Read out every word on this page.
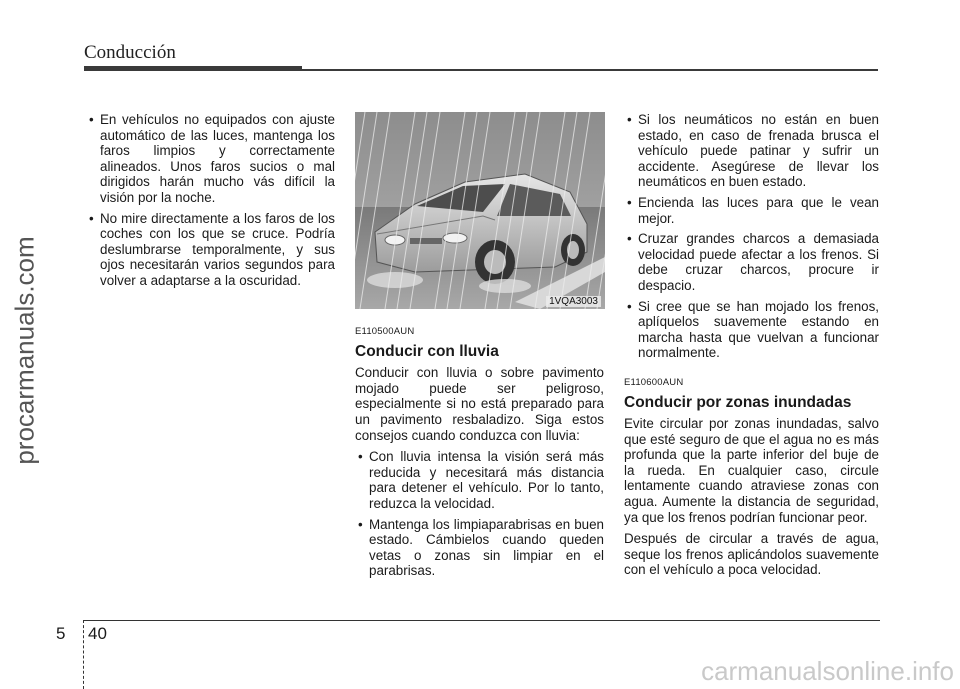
Conducción
procarmanuals.com
• En vehículos no equipados con ajuste automático de las luces, mantenga los faros limpios y correctamente alineados. Unos faros sucios o mal dirigidos harán mucho vás difícil la visión por la noche.
• No mire directamente a los faros de los coches con los que se cruce. Podría deslumbrarse temporalmente, y sus ojos necesitarán varios segundos para volver a adaptarse a la oscuridad.
1VQA3003
E110500AUN
Conducir con lluvia

Conducir con lluvia o sobre pavimento mojado puede ser peligroso, especialmente si no está preparado para un pavimento resbaladizo. Siga estos consejos cuando conduzca con lluvia:

• Con lluvia intensa la visión será más reducida y necesitará más distancia para detener el vehículo. Por lo tanto, reduzca la velocidad.
• Mantenga los limpiaparabrisas en buen estado. Cámbielos cuando queden vetas o zonas sin limpiar en el parabrisas.
• Si los neumáticos no están en buen estado, en caso de frenada brusca el vehículo puede patinar y sufrir un accidente. Asegúrese de llevar los neumáticos en buen estado.
• Encienda las luces para que le vean mejor.
• Cruzar grandes charcos a demasiada velocidad puede afectar a los frenos. Si debe cruzar charcos, procure ir despacio.
• Si cree que se han mojado los frenos, aplíquelos suavemente estando en marcha hasta que vuelvan a funcionar normalmente.
E110600AUN
Conducir por zonas inundadas

Evite circular por zonas inundadas, salvo que esté seguro de que el agua no es más profunda que la parte inferior del buje de la rueda. En cualquier caso, circule lentamente cuando atraviese zonas con agua. Aumente la distancia de seguridad, ya que los frenos podrían funcionar peor.

Después de circular a través de agua, seque los frenos aplicándolos suavemente con el vehículo a poca velocidad.

5 40
carmanualsonline.info
